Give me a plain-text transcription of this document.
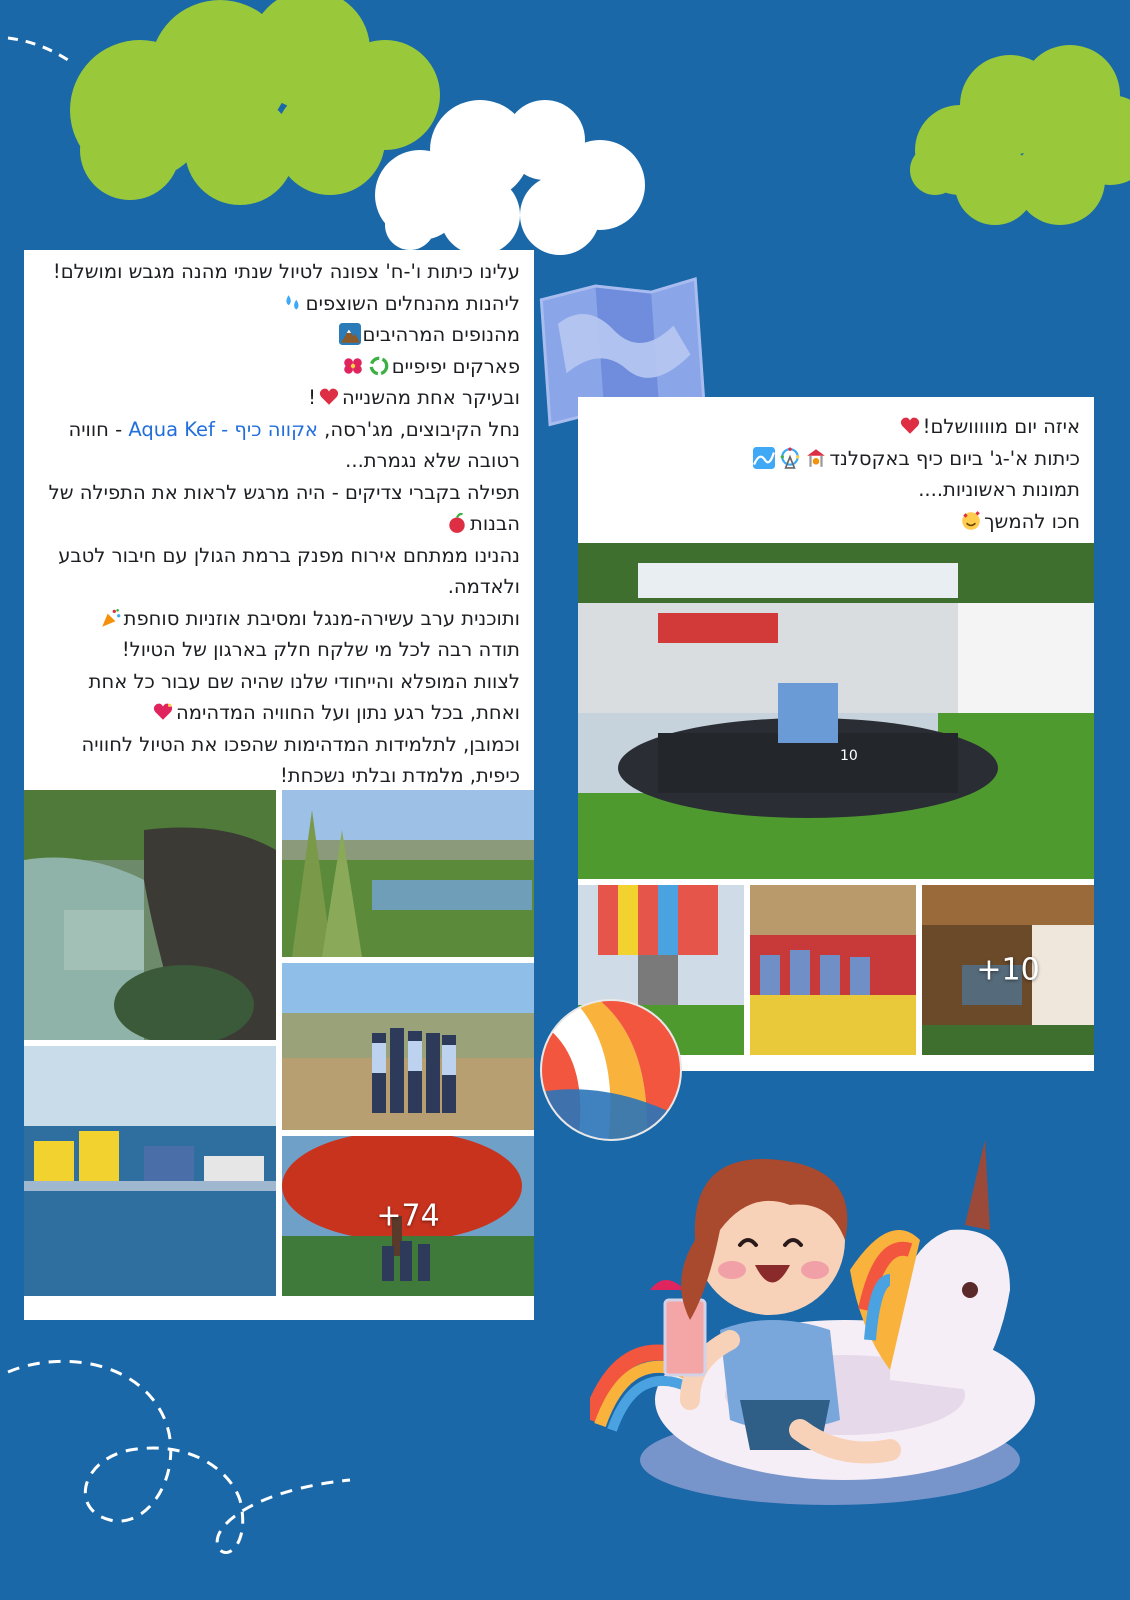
עלינו כיתות ו'-ח' צפונה לטיול שנתי מהנה מגבש ומושלם!
ליהנות מהנחלים השוצפים
מהנופים המרהיבים
פארקים יפיפיים
ובעיקר אחת מהשנייה!
נחל הקיבוצים, מג'רסה, אקווה כיף - Aqua Kef - חוויה
רטובה שלא נגמרת...
תפילה בקברי צדיקים - היה מרגש לראות את התפילה של
הבנות
נהנינו ממתחם אירוח מפנק ברמת הגולן עם חיבור לטבע
ולאדמה.
ותוכנית ערב עשירה-מנגל ומסיבת אוזניות סוחפת
תודה רבה לכל מי שלקח חלק בארגון של הטיול!
לצוות המופלא והייחודי שלנו שהיה שם עבור כל אחת
ואחת, בכל רגע נתון ועל החוויה המדהימה
וכמובן, לתלמידות המדהימות שהפכו את הטיול לחוויה
כיפית, מלמדת ובלתי נשכחת!
+74
איזה יום מווווושלם!
כיתות א'-ג' ביום כיף באקסלנד
תמונות ראשוניות....
חכו להמשך
10
+10
